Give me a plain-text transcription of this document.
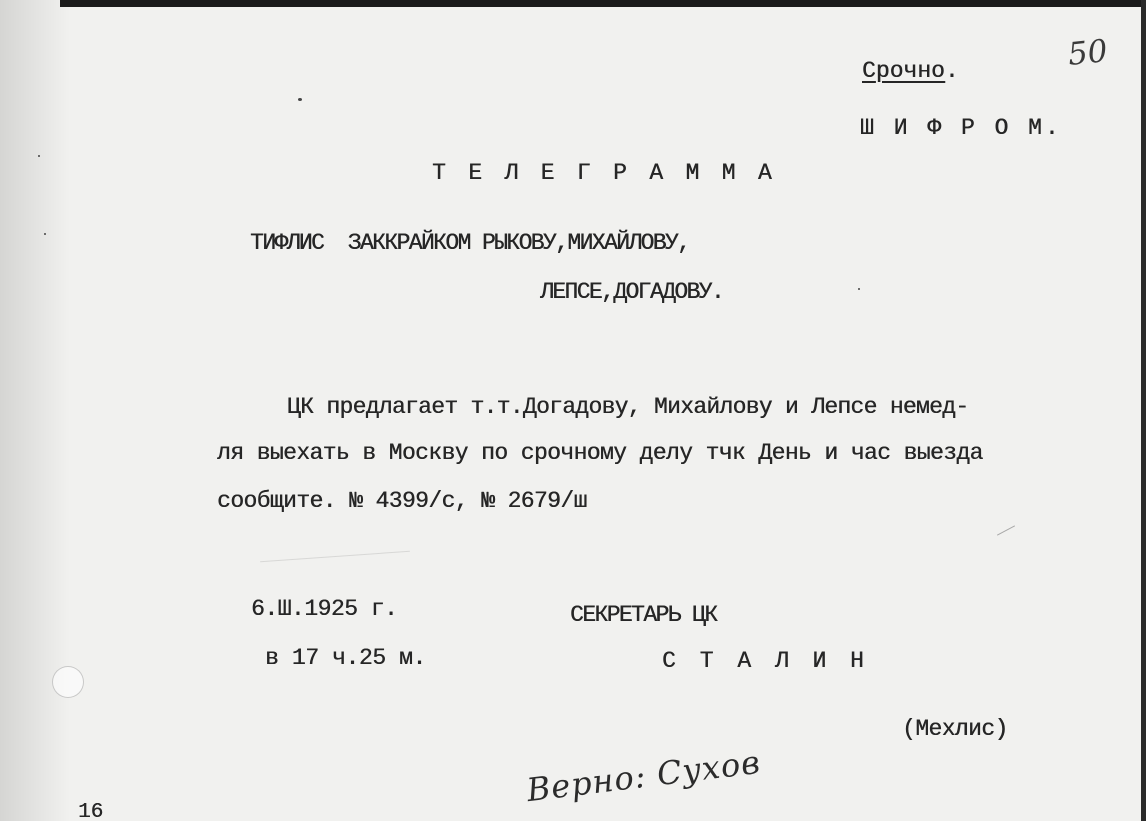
50
Срочно.
Ш И Ф Р О М.
Т Е Л Е Г Р А М М А
ТИФЛИС  ЗАККРАЙКОМ РЫКОВУ,МИХАЙЛОВУ,
ЛЕПСЕ,ДОГАДОВУ.
ЦК предлагает т.т.Догадову, Михайлову и Лепсе немед-
ля выехать в Москву по срочному делу тчк День и час выезда
сообщите. № 4399/с, № 2679/ш
6.Ш.1925 г.
в 17 ч.25 м.
СЕКРЕТАРЬ ЦК
С Т А Л И Н
(Мехлис)
Верно: Сухов
16
